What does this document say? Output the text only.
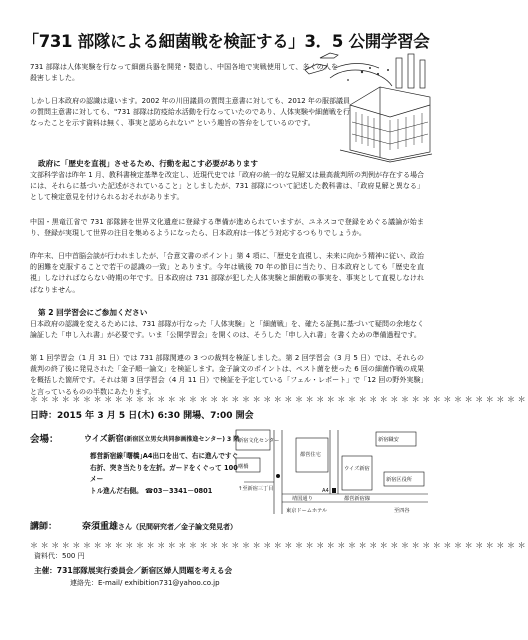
「731 部隊による細菌戦を検証する」3．5 公開学習会
731 部隊は人体実験を行なって細菌兵器を開発・製造し、中国各地で実戦使用して、多くの人を殺害しました。
しかし日本政府の認識は違います。2002 年の川田議員の質問主意書に対しても、2012 年の服部議員の質問主意書に対しても、"731 部隊は防疫給水活動を行なっていたのであり、人体実験や細菌戦を行なったことを示す資料は無く、事実と認められない" という趣旨の答弁をしているのです。
政府に「歴史を直視」させるため、行動を起こす必要があります
文部科学省は昨年 1 月、教科書検定基準を改定し、近現代史では「政府の統一的な見解又は最高裁判所の判例が存在する場合には、それらに基づいた記述がされていること」としましたが、731 部隊について記述した教科書は、「政府見解と異なる」として検定意見を付けられるおそれがあります。
中国・黒竜江省で 731 部隊跡を世界文化遺産に登録する準備が進められていますが、ユネスコで登録をめぐる議論が始まり、登録が実現して世界の注目を集めるようになったら、日本政府は一体どう対応するつもりでしょうか。
昨年末、日中首脳会談が行われましたが、「合意文書のポイント」第 4 項に、「歴史を直視し、未来に向かう精神に従い、政治的困難を克服することで若干の認識の一致」とあります。今年は戦後 70 年の節目に当たり、日本政府としても「歴史を直視」しなければならない時期の年です。日本政府は 731 部隊が犯した人体実験と細菌戦の事実を、事実として直視しなければなりません。
第 2 回学習会にご参加ください
日本政府の認識を変えるためには、731 部隊が行なった「人体実験」と「細菌戦」を、確たる証拠に基づいて疑問の余地なく論証した「申し入れ書」が必要です。いま「公開学習会」を開くのは、そうした「申し入れ書」を書くための準備過程です。
第 1 回学習会（1 月 31 日）では 731 部隊関連の 3 つの裁判を検証しました。第 2 回学習会（3 月 5 日）では、それらの裁判の終了後に発見された「金子順一論文」を検証します。金子論文のポイントは、ペスト菌を使った 6 回の細菌作戦の成果を概括した箇所です。それは第 3 回学習会（4 月 11 日）で検証を予定している「フェル・レポート」で「12 回の野外実験」と言っているものの半数にあたります。
＊＊＊＊＊＊＊＊＊＊＊＊＊＊＊＊＊＊＊＊＊＊＊＊＊＊＊＊＊＊＊＊＊＊＊＊＊＊＊＊＊＊＊＊＊＊＊
日時：2015 年 3 月 5 日(木) 6:30 開場、7:00 開会
会場：	ウイズ新宿(新宿区立男女共同参画推進センター) 3 階
都営新宿線｢曙橋｣A4出口を出て、右に進んですぐ
右折、突き当たりを左折。ガードをくぐって 100 メー
トル進んだ右側。 ☎03－3341－0801
新宿文化センター
ウイズ新宿
都営住宅
曙橋
新宿職安
A4
新宿区役所
靖国通り
↑至新宿三丁目
都営新宿線
東京ドームホテル	至四谷
講師：	奈須重雄さん（民間研究者／金子論文発見者）
資料代：500 円
＊＊＊＊＊＊＊＊＊＊＊＊＊＊＊＊＊＊＊＊＊＊＊＊＊＊＊＊＊＊＊＊＊＊＊＊＊＊＊＊＊＊＊＊＊＊＊
主催：731部隊展実行委員会／新宿区婦人問題を考える会
連絡先：E-mail/ exhibition731@yahoo.co.jp
